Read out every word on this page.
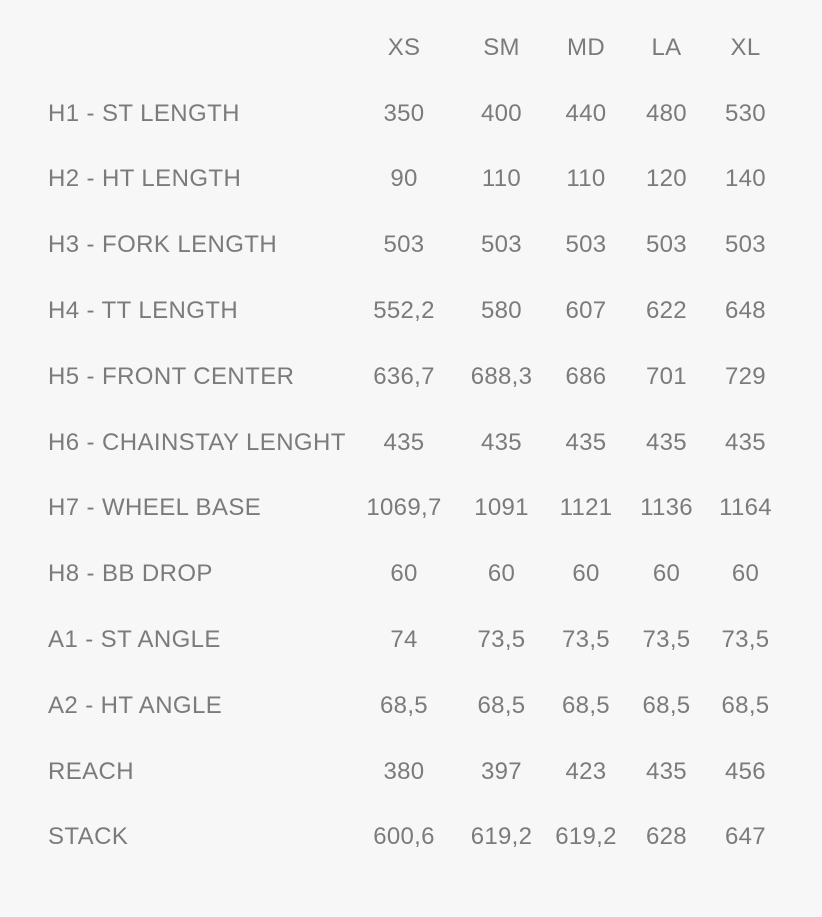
	XS	SM	MD	LA	XL
H1 - ST LENGTH	350	400	440	480	530
H2 - HT LENGTH	90	110	110	120	140
H3 - FORK LENGTH	503	503	503	503	503
H4 - TT LENGTH	552,2	580	607	622	648
H5 - FRONT CENTER	636,7	688,3	686	701	729
H6 - CHAINSTAY LENGHT	435	435	435	435	435
H7 - WHEEL BASE	1069,7	1091	1121	1136	1164
H8 - BB DROP	60	60	60	60	60
A1 - ST ANGLE	74	73,5	73,5	73,5	73,5
A2 - HT ANGLE	68,5	68,5	68,5	68,5	68,5
REACH	380	397	423	435	456
STACK	600,6	619,2	619,2	628	647
